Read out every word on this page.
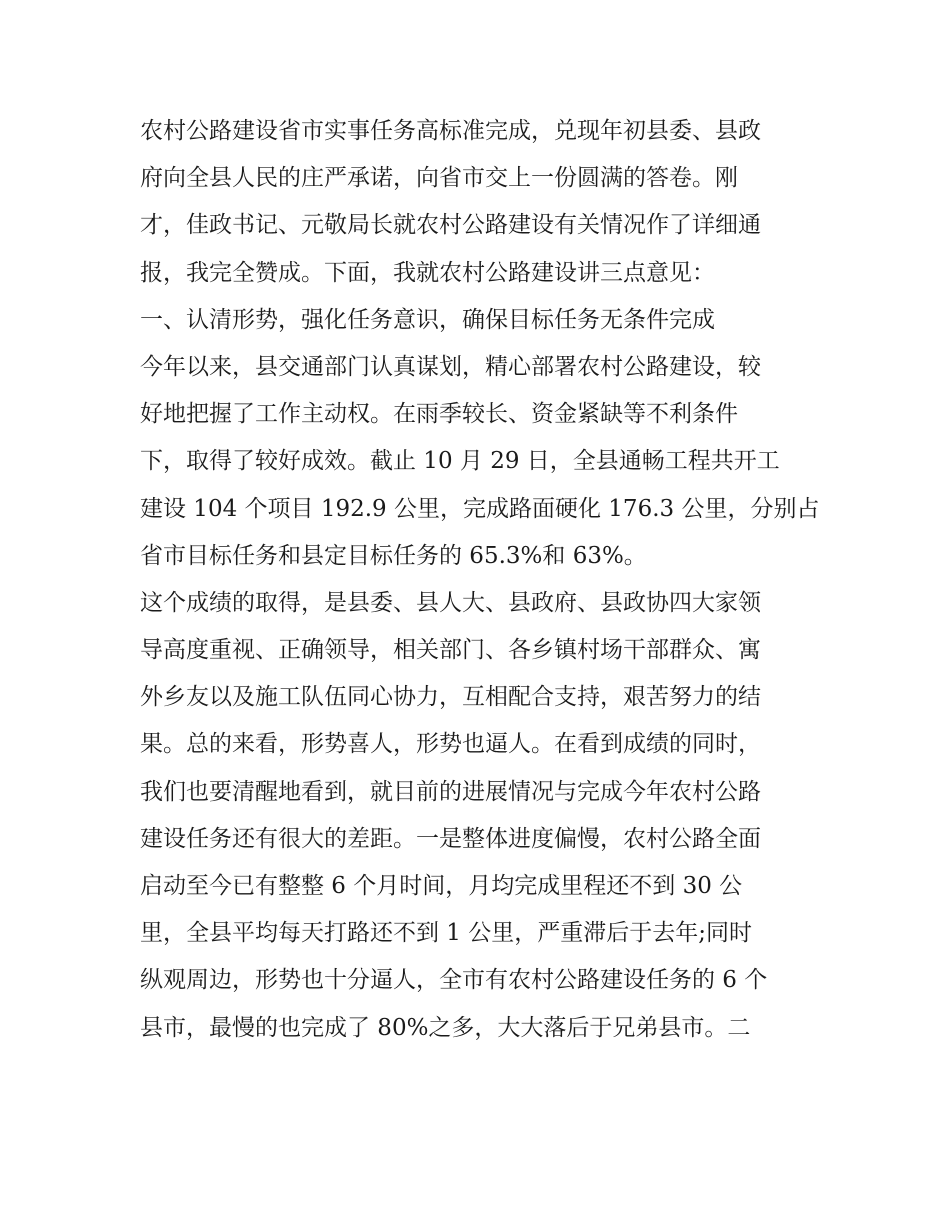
农村公路建设省市实事任务高标准完成，兑现年初县委、县政
府向全县人民的庄严承诺，向省市交上一份圆满的答卷。刚
才，佳政书记、元敬局长就农村公路建设有关情况作了详细通
报，我完全赞成。下面，我就农村公路建设讲三点意见：
一、认清形势，强化任务意识，确保目标任务无条件完成
今年以来，县交通部门认真谋划，精心部署农村公路建设，较
好地把握了工作主动权。在雨季较长、资金紧缺等不利条件
下，取得了较好成效。截止 10 月 29 日，全县通畅工程共开工
建设 104 个项目 192.9 公里，完成路面硬化 176.3 公里，分别占
省市目标任务和县定目标任务的 65.3%和 63%。
这个成绩的取得，是县委、县人大、县政府、县政协四大家领
导高度重视、正确领导，相关部门、各乡镇村场干部群众、寓
外乡友以及施工队伍同心协力，互相配合支持，艰苦努力的结
果。总的来看，形势喜人，形势也逼人。在看到成绩的同时，
我们也要清醒地看到，就目前的进展情况与完成今年农村公路
建设任务还有很大的差距。一是整体进度偏慢，农村公路全面
启动至今已有整整 6 个月时间，月均完成里程还不到 30 公
里，全县平均每天打路还不到 1 公里，严重滞后于去年;同时
纵观周边，形势也十分逼人，全市有农村公路建设任务的 6 个
县市，最慢的也完成了 80%之多，大大落后于兄弟县市。二
